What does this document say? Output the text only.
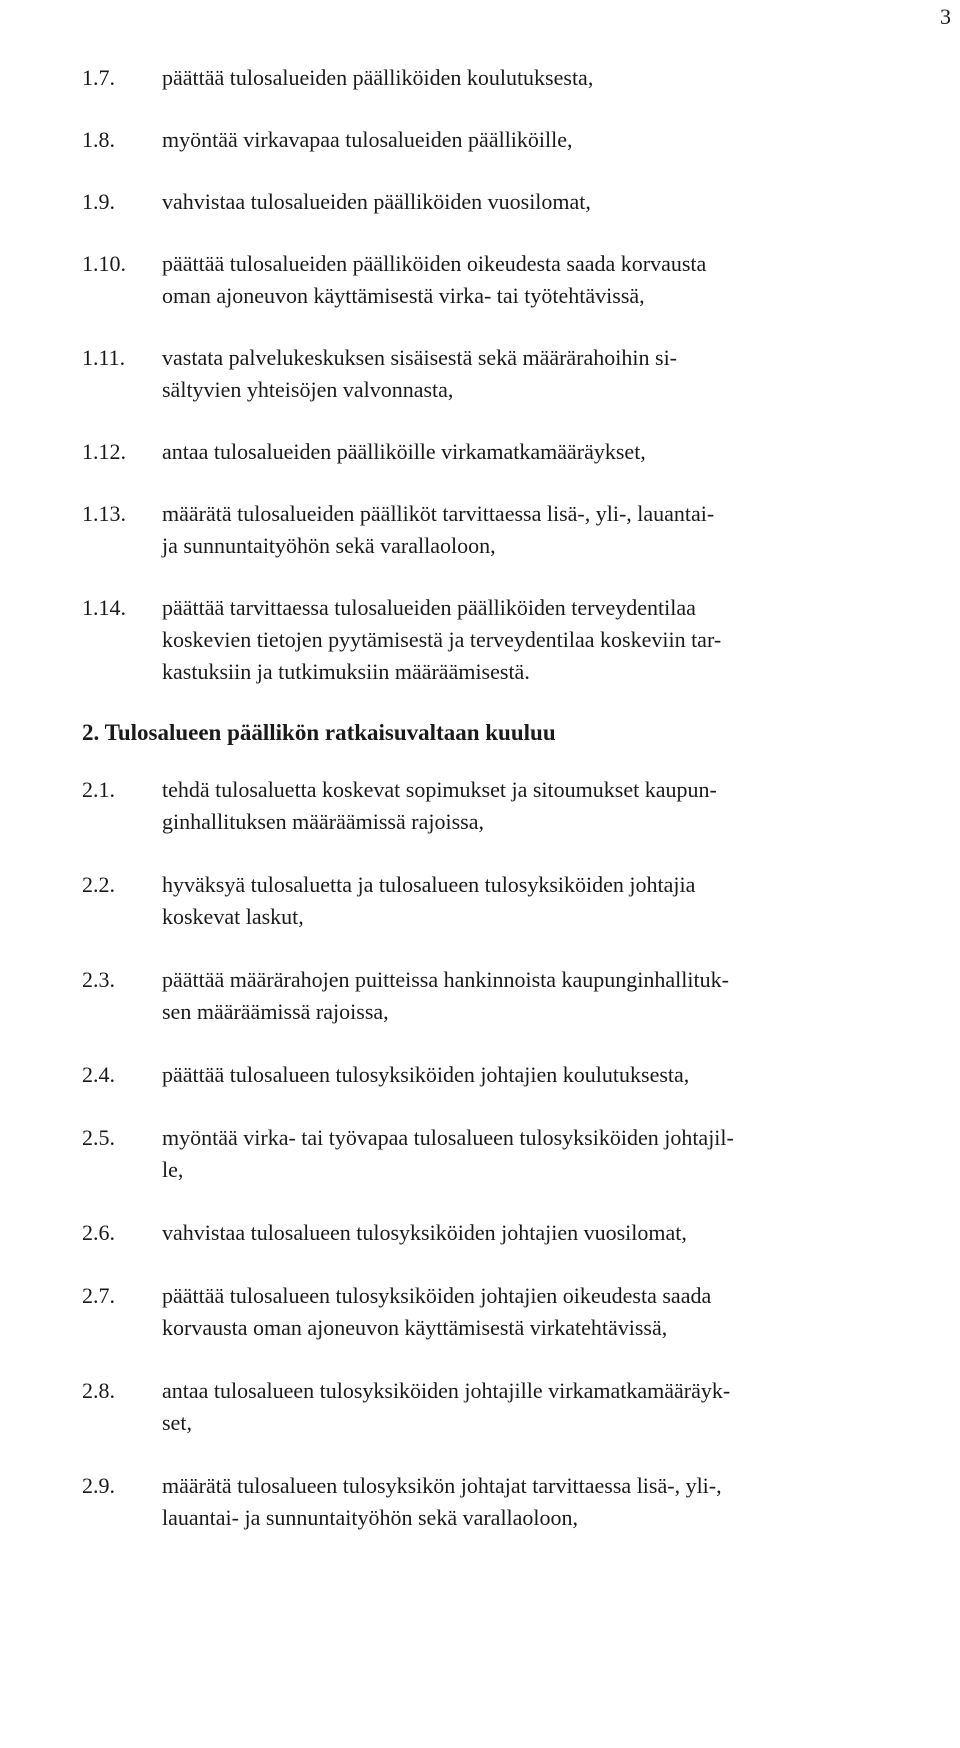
3
1.7. päättää tulosalueiden päälliköiden koulutuksesta,
1.8. myöntää virkavapaa tulosalueiden päälliköille,
1.9. vahvistaa tulosalueiden päälliköiden vuosilomat,
1.10. päättää tulosalueiden päälliköiden oikeudesta saada korvausta
oman ajoneuvon käyttämisestä virka- tai työtehtävissä,
1.11. vastata palvelukeskuksen sisäisestä sekä määrärahoihin si-
sältyvien yhteisöjen valvonnasta,
1.12. antaa tulosalueiden päälliköille virkamatkamääräykset,
1.13. määrätä tulosalueiden päälliköt tarvittaessa lisä-, yli-, lauantai-
ja sunnuntaityöhön sekä varallaoloon,
1.14. päättää tarvittaessa tulosalueiden päälliköiden terveydentilaa
koskevien tietojen pyytämisestä ja terveydentilaa koskeviin tar-
kastuksiin ja tutkimuksiin määräämisestä.
2. Tulosalueen päällikön ratkaisuvaltaan kuuluu
2.1. tehdä tulosaluetta koskevat sopimukset ja sitoumukset kaupun-
ginhallituksen määräämissä rajoissa,
2.2. hyväksyä tulosaluetta ja tulosalueen tulosyksiköiden johtajia
koskevat laskut,
2.3. päättää määrärahojen puitteissa hankinnoista kaupunginhallituk-
sen määräämissä rajoissa,
2.4. päättää tulosalueen tulosyksiköiden johtajien koulutuksesta,
2.5. myöntää virka- tai työvapaa tulosalueen tulosyksiköiden johtajil-
le,
2.6. vahvistaa tulosalueen tulosyksiköiden johtajien vuosilomat,
2.7. päättää tulosalueen tulosyksiköiden johtajien oikeudesta saada
korvausta oman ajoneuvon käyttämisestä virkatehtävissä,
2.8. antaa tulosalueen tulosyksiköiden johtajille virkamatkamääräyk-
set,
2.9. määrätä tulosalueen tulosyksikön johtajat tarvittaessa lisä-, yli-,
lauantai- ja sunnuntaityöhön sekä varallaoloon,
